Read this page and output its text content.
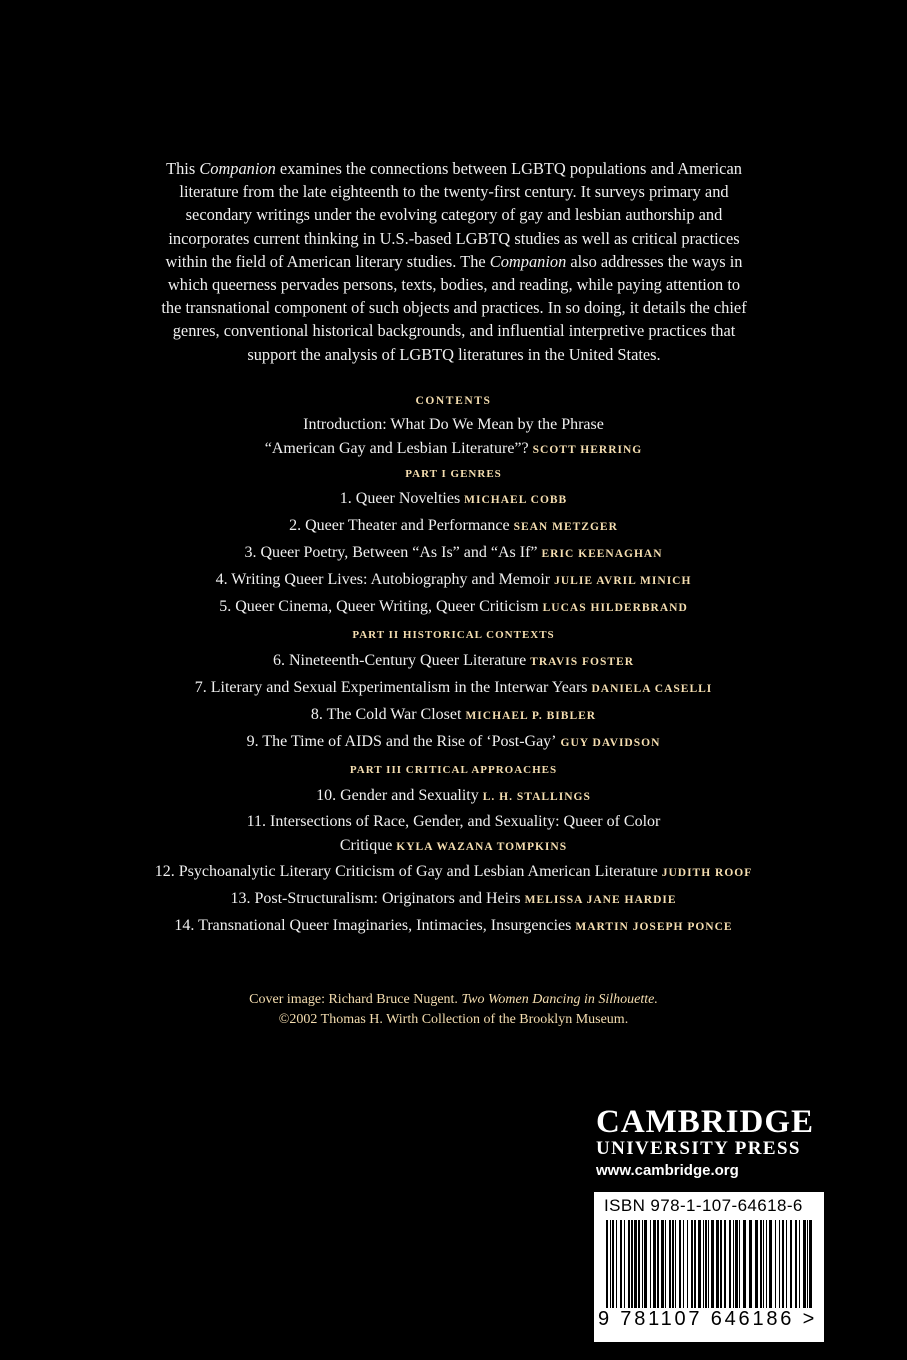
This Companion examines the connections between LGBTQ populations and American
literature from the late eighteenth to the twenty-first century. It surveys primary and
secondary writings under the evolving category of gay and lesbian authorship and
incorporates current thinking in U.S.-based LGBTQ studies as well as critical practices
within the field of American literary studies. The Companion also addresses the ways in
which queerness pervades persons, texts, bodies, and reading, while paying attention to
the transnational component of such objects and practices. In so doing, it details the chief
genres, conventional historical backgrounds, and influential interpretive practices that
support the analysis of LGBTQ literatures in the United States.

CONTENTS
Introduction: What Do We Mean by the Phrase
“American Gay and Lesbian Literature”? SCOTT HERRING
PART I GENRES
1. Queer Novelties MICHAEL COBB
2. Queer Theater and Performance SEAN METZGER
3. Queer Poetry, Between “As Is” and “As If” ERIC KEENAGHAN
4. Writing Queer Lives: Autobiography and Memoir JULIE AVRIL MINICH
5. Queer Cinema, Queer Writing, Queer Criticism LUCAS HILDERBRAND
PART II HISTORICAL CONTEXTS
6. Nineteenth-Century Queer Literature TRAVIS FOSTER
7. Literary and Sexual Experimentalism in the Interwar Years DANIELA CASELLI
8. The Cold War Closet MICHAEL P. BIBLER
9. The Time of AIDS and the Rise of ‘Post-Gay’ GUY DAVIDSON
PART III CRITICAL APPROACHES
10. Gender and Sexuality L. H. STALLINGS
11. Intersections of Race, Gender, and Sexuality: Queer of Color
Critique KYLA WAZANA TOMPKINS
12. Psychoanalytic Literary Criticism of Gay and Lesbian American Literature JUDITH ROOF
13. Post-Structuralism: Originators and Heirs MELISSA JANE HARDIE
14. Transnational Queer Imaginaries, Intimacies, Insurgencies MARTIN JOSEPH PONCE
Cover image: Richard Bruce Nugent. Two Women Dancing in Silhouette.
©2002 Thomas H. Wirth Collection of the Brooklyn Museum.
CAMBRIDGE
UNIVERSITY PRESS
www.cambridge.org
ISBN 978-1-107-64618-6
9 781107 646186 >
